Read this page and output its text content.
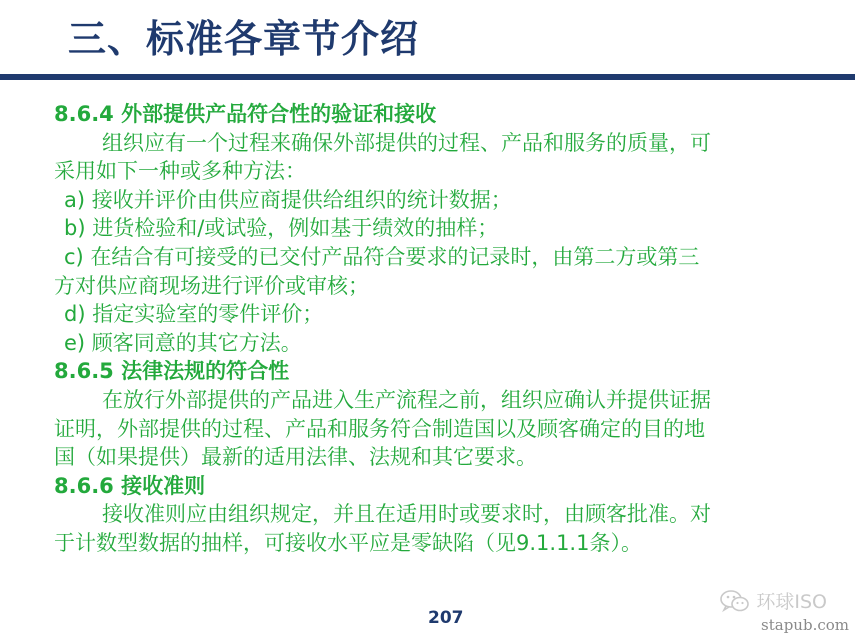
三、标准各章节介绍
8.6.4 外部提供产品符合性的验证和接收
组织应有一个过程来确保外部提供的过程、产品和服务的质量，可
采用如下一种或多种方法：
a) 接收并评价由供应商提供给组织的统计数据；
b) 进货检验和/或试验，例如基于绩效的抽样；
c) 在结合有可接受的已交付产品符合要求的记录时，由第二方或第三
方对供应商现场进行评价或审核；
d) 指定实验室的零件评价；
e) 顾客同意的其它方法。
8.6.5 法律法规的符合性
在放行外部提供的产品进入生产流程之前，组织应确认并提供证据
证明，外部提供的过程、产品和服务符合制造国以及顾客确定的目的地
国（如果提供）最新的适用法律、法规和其它要求。
8.6.6 接收准则
接收准则应由组织规定，并且在适用时或要求时，由顾客批准。对
于计数型数据的抽样，可接收水平应是零缺陷（见9.1.1.1条）。
207
环球ISO
stapub.com
